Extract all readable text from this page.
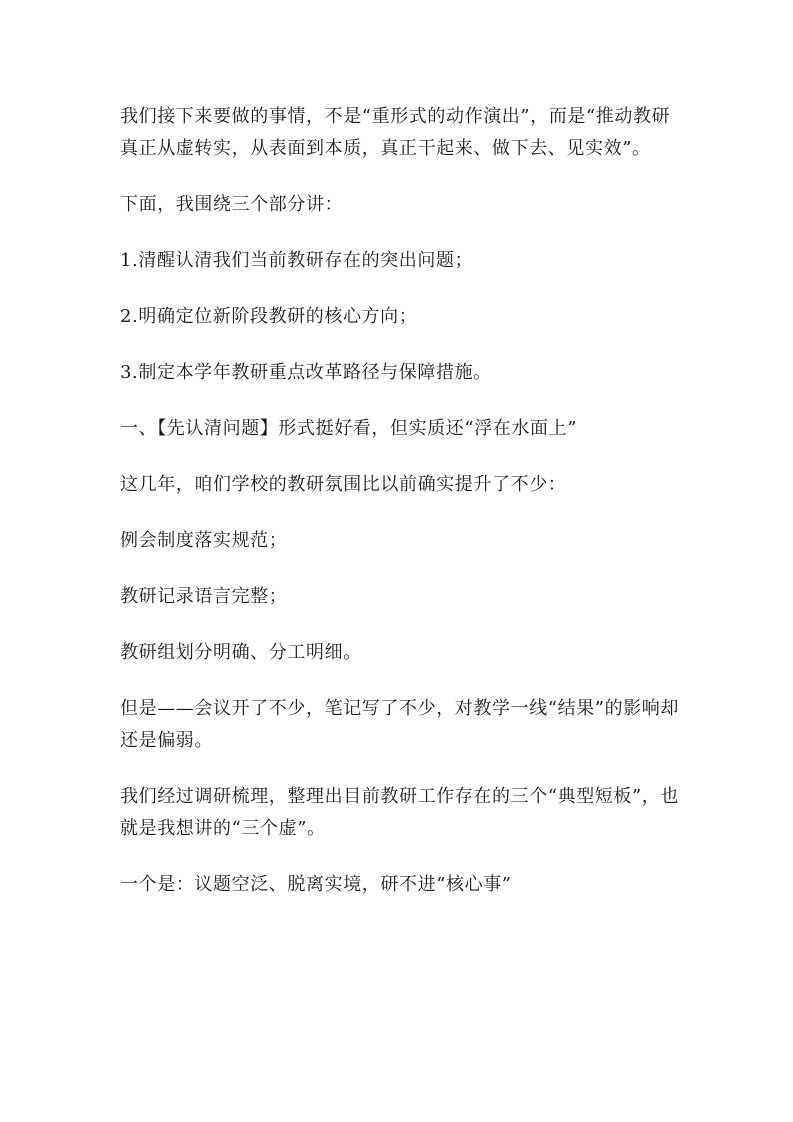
我们接下来要做的事情，不是“重形式的动作演出”，而是“推动教研真正从虚转实，从表面到本质，真正干起来、做下去、见实效”。

下面，我围绕三个部分讲：

1.清醒认清我们当前教研存在的突出问题；

2.明确定位新阶段教研的核心方向；

3.制定本学年教研重点改革路径与保障措施。

一、【先认清问题】形式挺好看，但实质还“浮在水面上”

这几年，咱们学校的教研氛围比以前确实提升了不少：

例会制度落实规范；

教研记录语言完整；

教研组划分明确、分工明细。

但是——会议开了不少，笔记写了不少，对教学一线“结果”的影响却还是偏弱。

我们经过调研梳理，整理出目前教研工作存在的三个“典型短板”，也就是我想讲的“三个虚”。

一个是：议题空泛、脱离实境，研不进“核心事”
